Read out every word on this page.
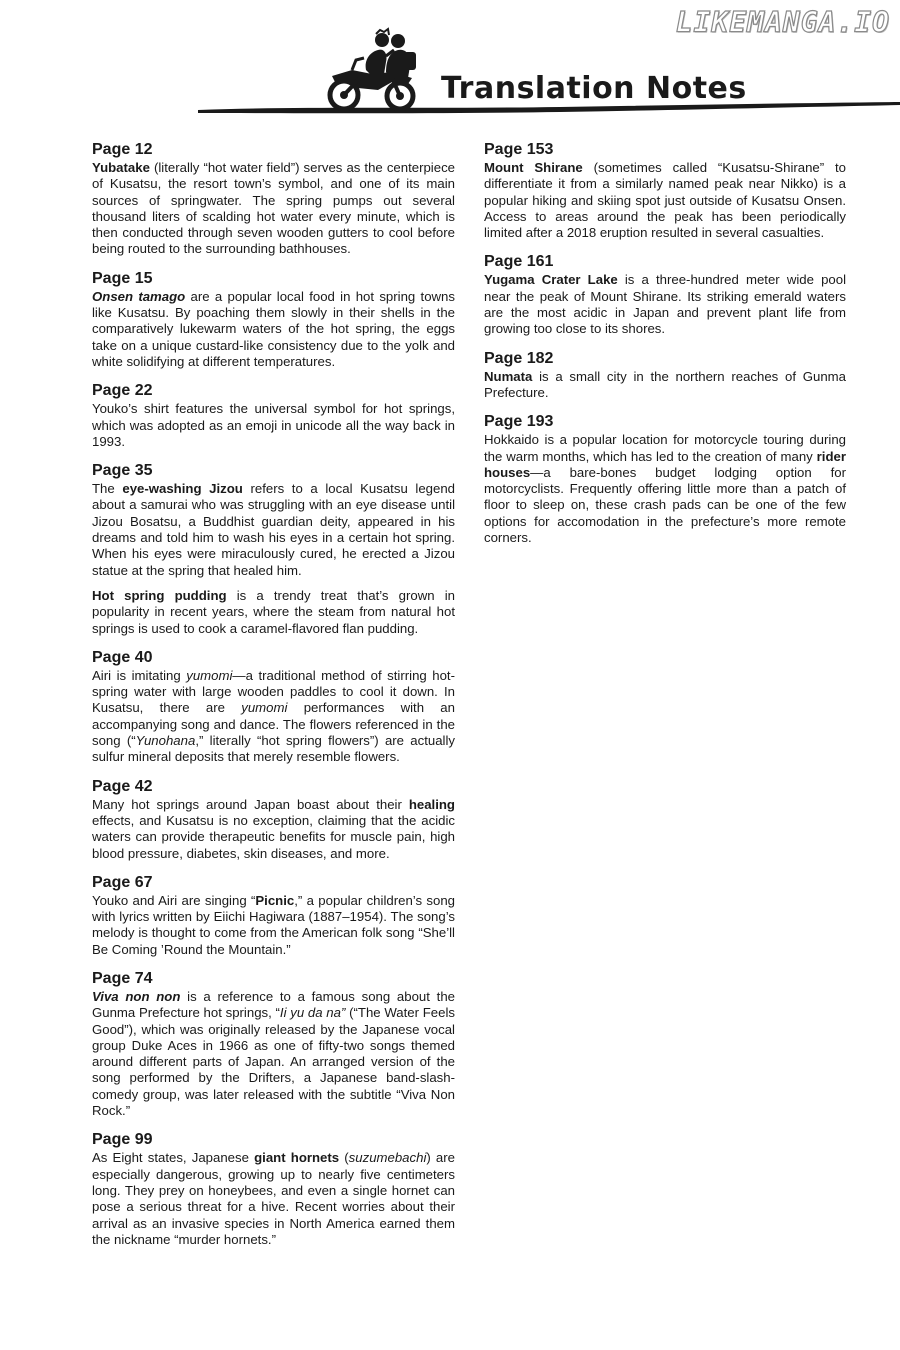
LIKEMANGA.IO
Translation Notes
Page 12

Yubatake (literally “hot water field”) serves as the centerpiece of Kusatsu, the resort town’s symbol, and one of its main sources of springwater. The spring pumps out several thousand liters of scalding hot water every minute, which is then conducted through seven wooden gutters to cool before being routed to the surrounding bathhouses.

Page 15

Onsen tamago are a popular local food in hot spring towns like Kusatsu. By poaching them slowly in their shells in the comparatively lukewarm waters of the hot spring, the eggs take on a unique custard-like consistency due to the yolk and white solidifying at different temperatures.

Page 22

Youko’s shirt features the universal symbol for hot springs, which was adopted as an emoji in unicode all the way back in 1993.

Page 35

The eye-washing Jizou refers to a local Kusatsu legend about a samurai who was struggling with an eye disease until Jizou Bosatsu, a Buddhist guardian deity, appeared in his dreams and told him to wash his eyes in a certain hot spring. When his eyes were miraculously cured, he erected a Jizou statue at the spring that healed him.

Hot spring pudding is a trendy treat that’s grown in popularity in recent years, where the steam from natural hot springs is used to cook a caramel-flavored flan pudding.

Page 40

Airi is imitating yumomi—a traditional method of stirring hot-spring water with large wooden paddles to cool it down. In Kusatsu, there are yumomi performances with an accompanying song and dance. The flowers referenced in the song (“Yunohana,” literally “hot spring flowers”) are actually sulfur mineral deposits that merely resemble flowers.

Page 42

Many hot springs around Japan boast about their healing effects, and Kusatsu is no exception, claiming that the acidic waters can provide therapeutic benefits for muscle pain, high blood pressure, diabetes, skin diseases, and more.

Page 67

Youko and Airi are singing “Picnic,” a popular children’s song with lyrics written by Eiichi Hagiwara (1887–1954). The song’s melody is thought to come from the American folk song “She’ll Be Coming ’Round the Mountain.”

Page 74

Viva non non is a reference to a famous song about the Gunma Prefecture hot springs, “Ii yu da na” (“The Water Feels Good”), which was originally released by the Japanese vocal group Duke Aces in 1966 as one of fifty-two songs themed around different parts of Japan. An arranged version of the song performed by the Drifters, a Japanese band-slash-comedy group, was later released with the subtitle “Viva Non Rock.”

Page 99

As Eight states, Japanese giant hornets (suzumebachi) are especially dangerous, growing up to nearly five centimeters long. They prey on honeybees, and even a single hornet can pose a serious threat for a hive. Recent worries about their arrival as an invasive species in North America earned them the nickname “murder hornets.”

Page 153

Mount Shirane (sometimes called “Kusatsu-Shirane” to differentiate it from a similarly named peak near Nikko) is a popular hiking and skiing spot just outside of Kusatsu Onsen. Access to areas around the peak has been periodically limited after a 2018 eruption resulted in several casualties.

Page 161

Yugama Crater Lake is a three-hundred meter wide pool near the peak of Mount Shirane. Its striking emerald waters are the most acidic in Japan and prevent plant life from growing too close to its shores.

Page 182

Numata is a small city in the northern reaches of Gunma Prefecture.

Page 193

Hokkaido is a popular location for motorcycle touring during the warm months, which has led to the creation of many rider houses—a bare-bones budget lodging option for motorcyclists. Frequently offering little more than a patch of floor to sleep on, these crash pads can be one of the few options for accomodation in the prefecture’s more remote corners.
